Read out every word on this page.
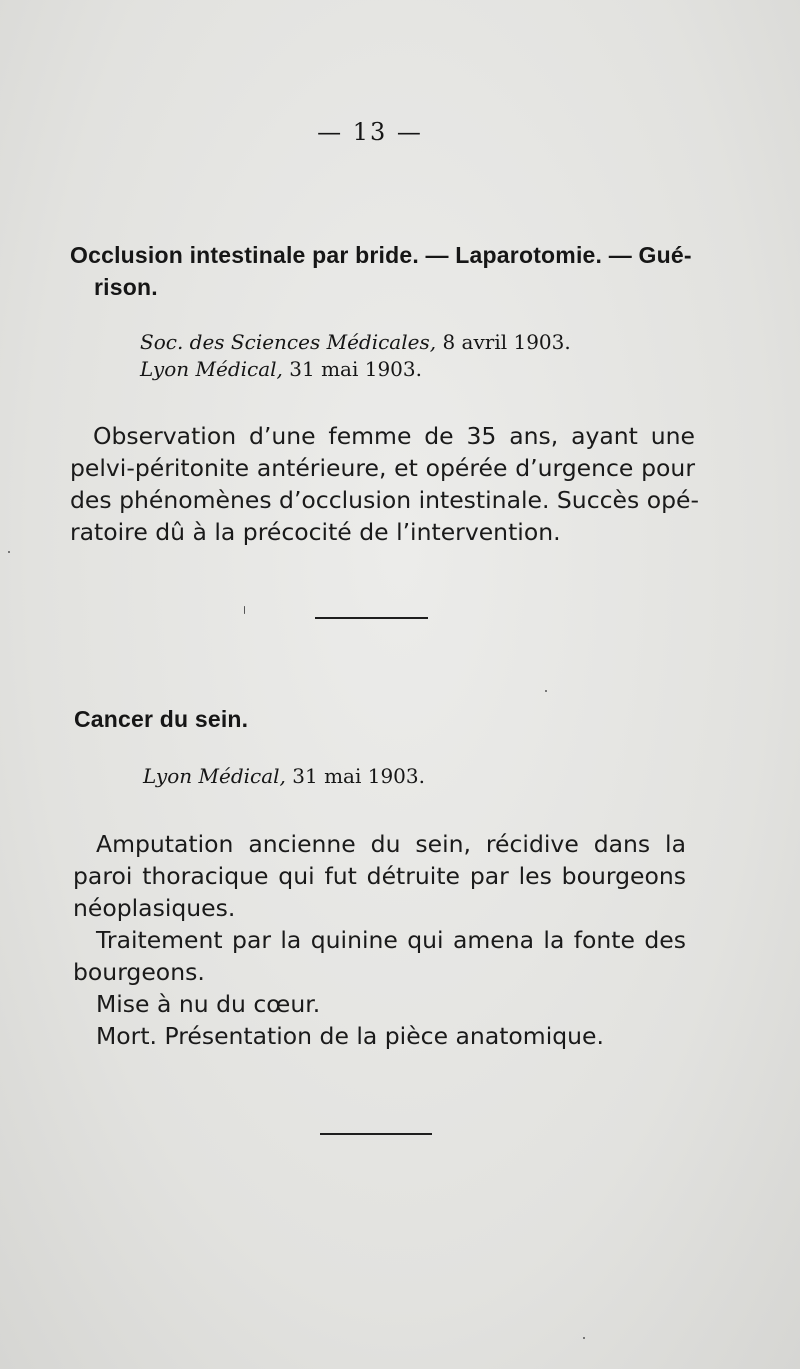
— 13 —
Occlusion intestinale par bride. — Laparotomie. — Gué-
rison.
Soc. des Sciences Médicales, 8 avril 1903.
Lyon Médical, 31 mai 1903.
Observation d’une femme de 35 ans, ayant une
pelvi-péritonite antérieure, et opérée d’urgence pour
des phénomènes d’occlusion intestinale. Succès opé-
ratoire dû à la précocité de l’intervention.
Cancer du sein.
Lyon Médical, 31 mai 1903.
Amputation ancienne du sein, récidive dans la
paroi thoracique qui fut détruite par les bourgeons
néoplasiques.
Traitement par la quinine qui amena la fonte des
bourgeons.
Mise à nu du cœur.
Mort. Présentation de la pièce anatomique.
